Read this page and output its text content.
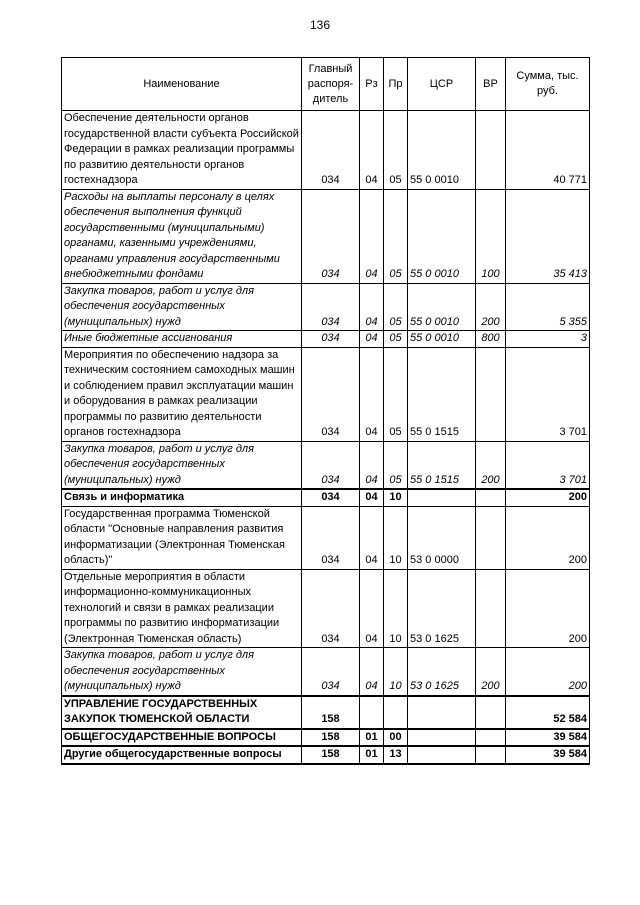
136
Наименование	Главный распоря-дитель	Рз	Пр	ЦСР	ВР	Сумма, тыс. руб.
Обеспечение деятельности органов государственной власти субъекта Российской Федерации в рамках реализации программы по развитию деятельности органов гостехнадзора	034	04	05	55 0 0010		40 771
Расходы на выплаты персоналу в целях обеспечения выполнения функций государственными (муниципальными) органами, казенными учреждениями, органами управления государственными внебюджетными фондами	034	04	05	55 0 0010	100	35 413
Закупка товаров, работ и услуг для обеспечения государственных (муниципальных) нужд	034	04	05	55 0 0010	200	5 355
Иные бюджетные ассигнования	034	04	05	55 0 0010	800	3
Мероприятия по обеспечению надзора за техническим состоянием самоходных машин и соблюдением правил эксплуатации машин и оборудования в рамках реализации программы по развитию деятельности органов гостехнадзора	034	04	05	55 0 1515		3 701
Закупка товаров, работ и услуг для обеспечения государственных (муниципальных) нужд	034	04	05	55 0 1515	200	3 701
Связь и информатика	034	04	10			200
Государственная программа Тюменской области "Основные направления развития информатизации (Электронная Тюменская область)"	034	04	10	53 0 0000		200
Отдельные мероприятия в области информационно-коммуникационных технологий и связи в рамках реализации программы по развитию информатизации (Электронная Тюменская область)	034	04	10	53 0 1625		200
Закупка товаров, работ и услуг для обеспечения государственных (муниципальных) нужд	034	04	10	53 0 1625	200	200
УПРАВЛЕНИЕ ГОСУДАРСТВЕННЫХ ЗАКУПОК ТЮМЕНСКОЙ ОБЛАСТИ	158					52 584
ОБЩЕГОСУДАРСТВЕННЫЕ ВОПРОСЫ	158	01	00			39 584
Другие общегосударственные вопросы	158	01	13			39 584
